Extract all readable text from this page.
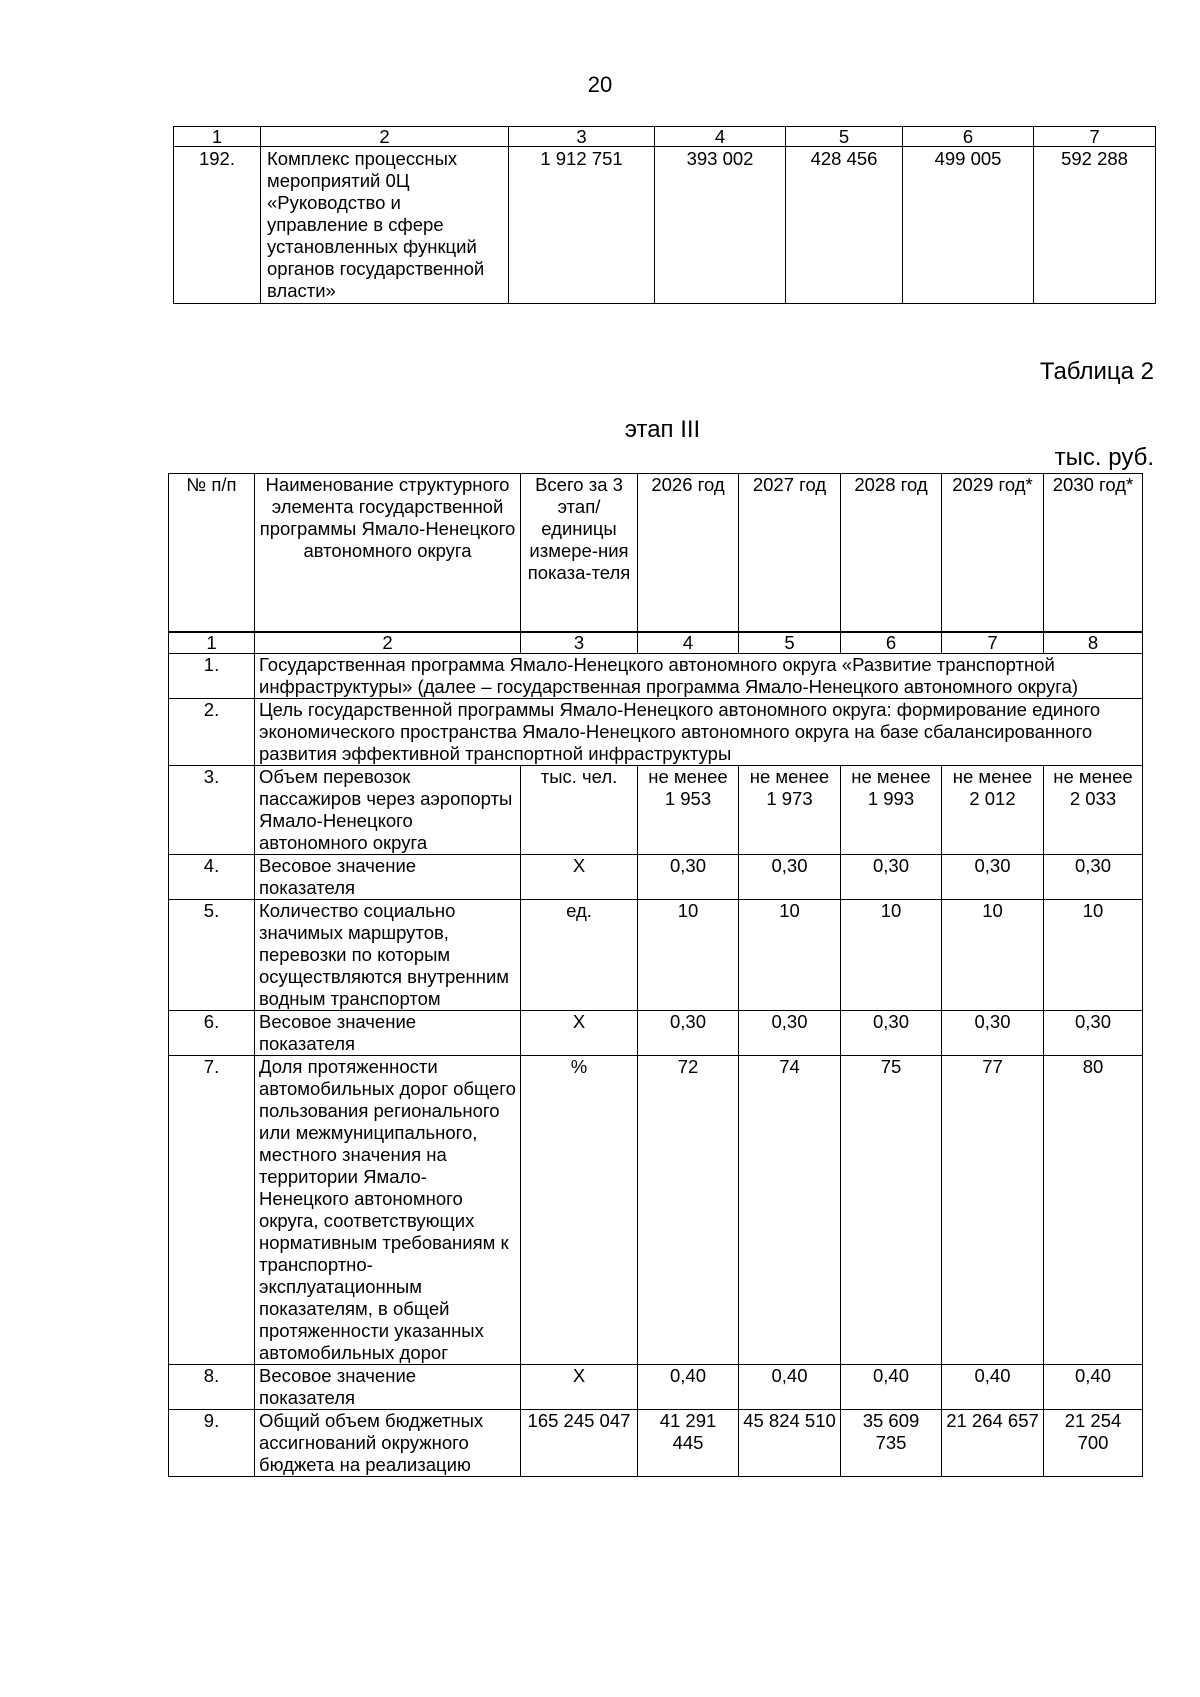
20
1	2	3	4	5	6	7
192.	Комплекс процессных мероприятий 0Ц «Руководство и управление в сфере установленных функций органов государственной власти»	1 912 751	393 002	428 456	499 005	592 288
Таблица 2
этап III
тыс. руб.
№ п/п	Наименование структурного элемента государственной программы Ямало-Ненецкого автономного округа	Всего за 3 этап/ единицы измере-ния показа-теля	2026 год	2027 год	2028 год	2029 год*	2030 год*
1	2	3	4	5	6	7	8
1.	Государственная программа Ямало-Ненецкого автономного округа «Развитие транспортной инфраструктуры» (далее – государственная программа Ямало-Ненецкого автономного округа)						
2.	Цель государственной программы Ямало-Ненецкого автономного округа: формирование единого экономического пространства Ямало-Ненецкого автономного округа на базе сбалансированного развития эффективной транспортной инфраструктуры						
3.	Объем перевозок пассажиров через аэропорты Ямало-Ненецкого автономного округа	тыс. чел.	не менее 1 953	не менее 1 973	не менее 1 993	не менее 2 012	не менее 2 033
4.	Весовое значение показателя	Х	0,30	0,30	0,30	0,30	0,30
5.	Количество социально значимых маршрутов, перевозки по которым осуществляются внутренним водным транспортом	ед.	10	10	10	10	10
6.	Весовое значение показателя	Х	0,30	0,30	0,30	0,30	0,30
7.	Доля протяженности автомобильных дорог общего пользования регионального или межмуниципального, местного значения на территории Ямало-Ненецкого автономного округа, соответствующих нормативным требованиям к транспортно-эксплуатационным показателям, в общей протяженности указанных автомобильных дорог	%	72	74	75	77	80
8.	Весовое значение показателя	Х	0,40	0,40	0,40	0,40	0,40
9.	Общий объем бюджетных ассигнований окружного бюджета на реализацию	165 245 047	41 291 445	45 824 510	35 609 735	21 264 657	21 254 700
